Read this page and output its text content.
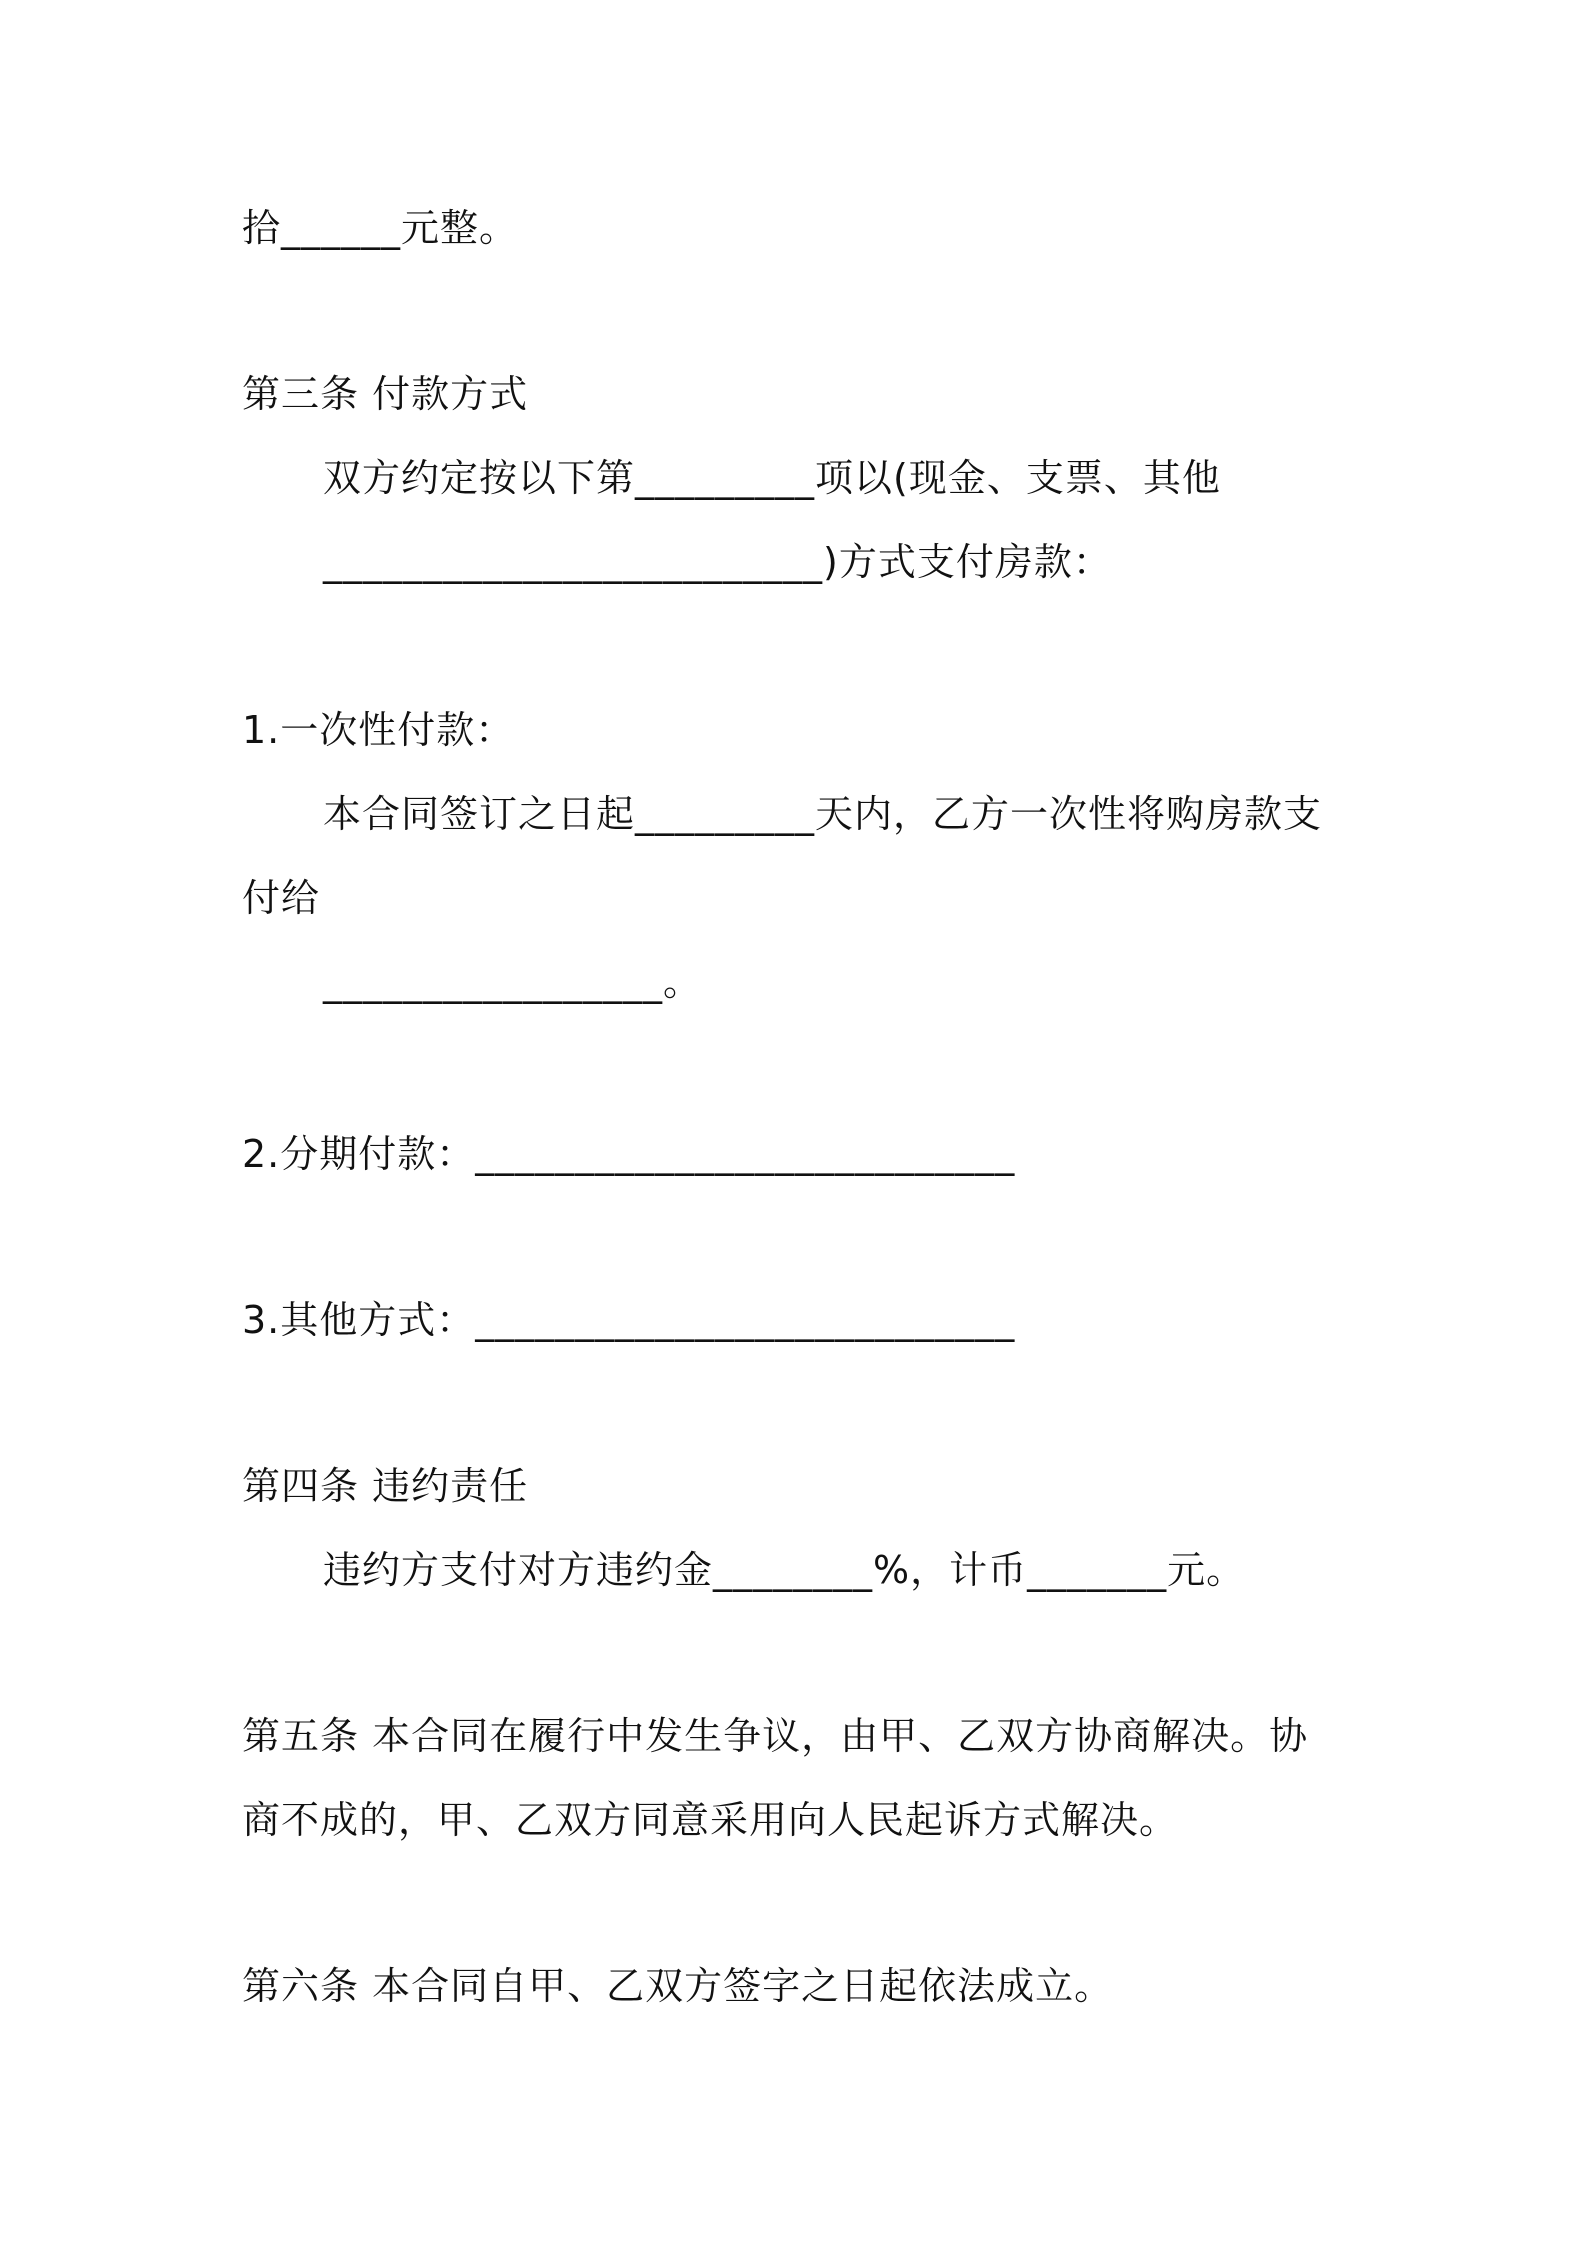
拾______元整。
第三条 付款方式
双方约定按以下第_________项以(现金、支票、其他
_________________________)方式支付房款：
1.一次性付款：
本合同签订之日起_________天内，乙方一次性将购房款支
付给
_________________。
2.分期付款：___________________________
3.其他方式：___________________________
第四条 违约责任
违约方支付对方违约金________%，计币_______元。
第五条 本合同在履行中发生争议，由甲、乙双方协商解决。协
商不成的，甲、乙双方同意采用向人民起诉方式解决。
第六条 本合同自甲、乙双方签字之日起依法成立。
